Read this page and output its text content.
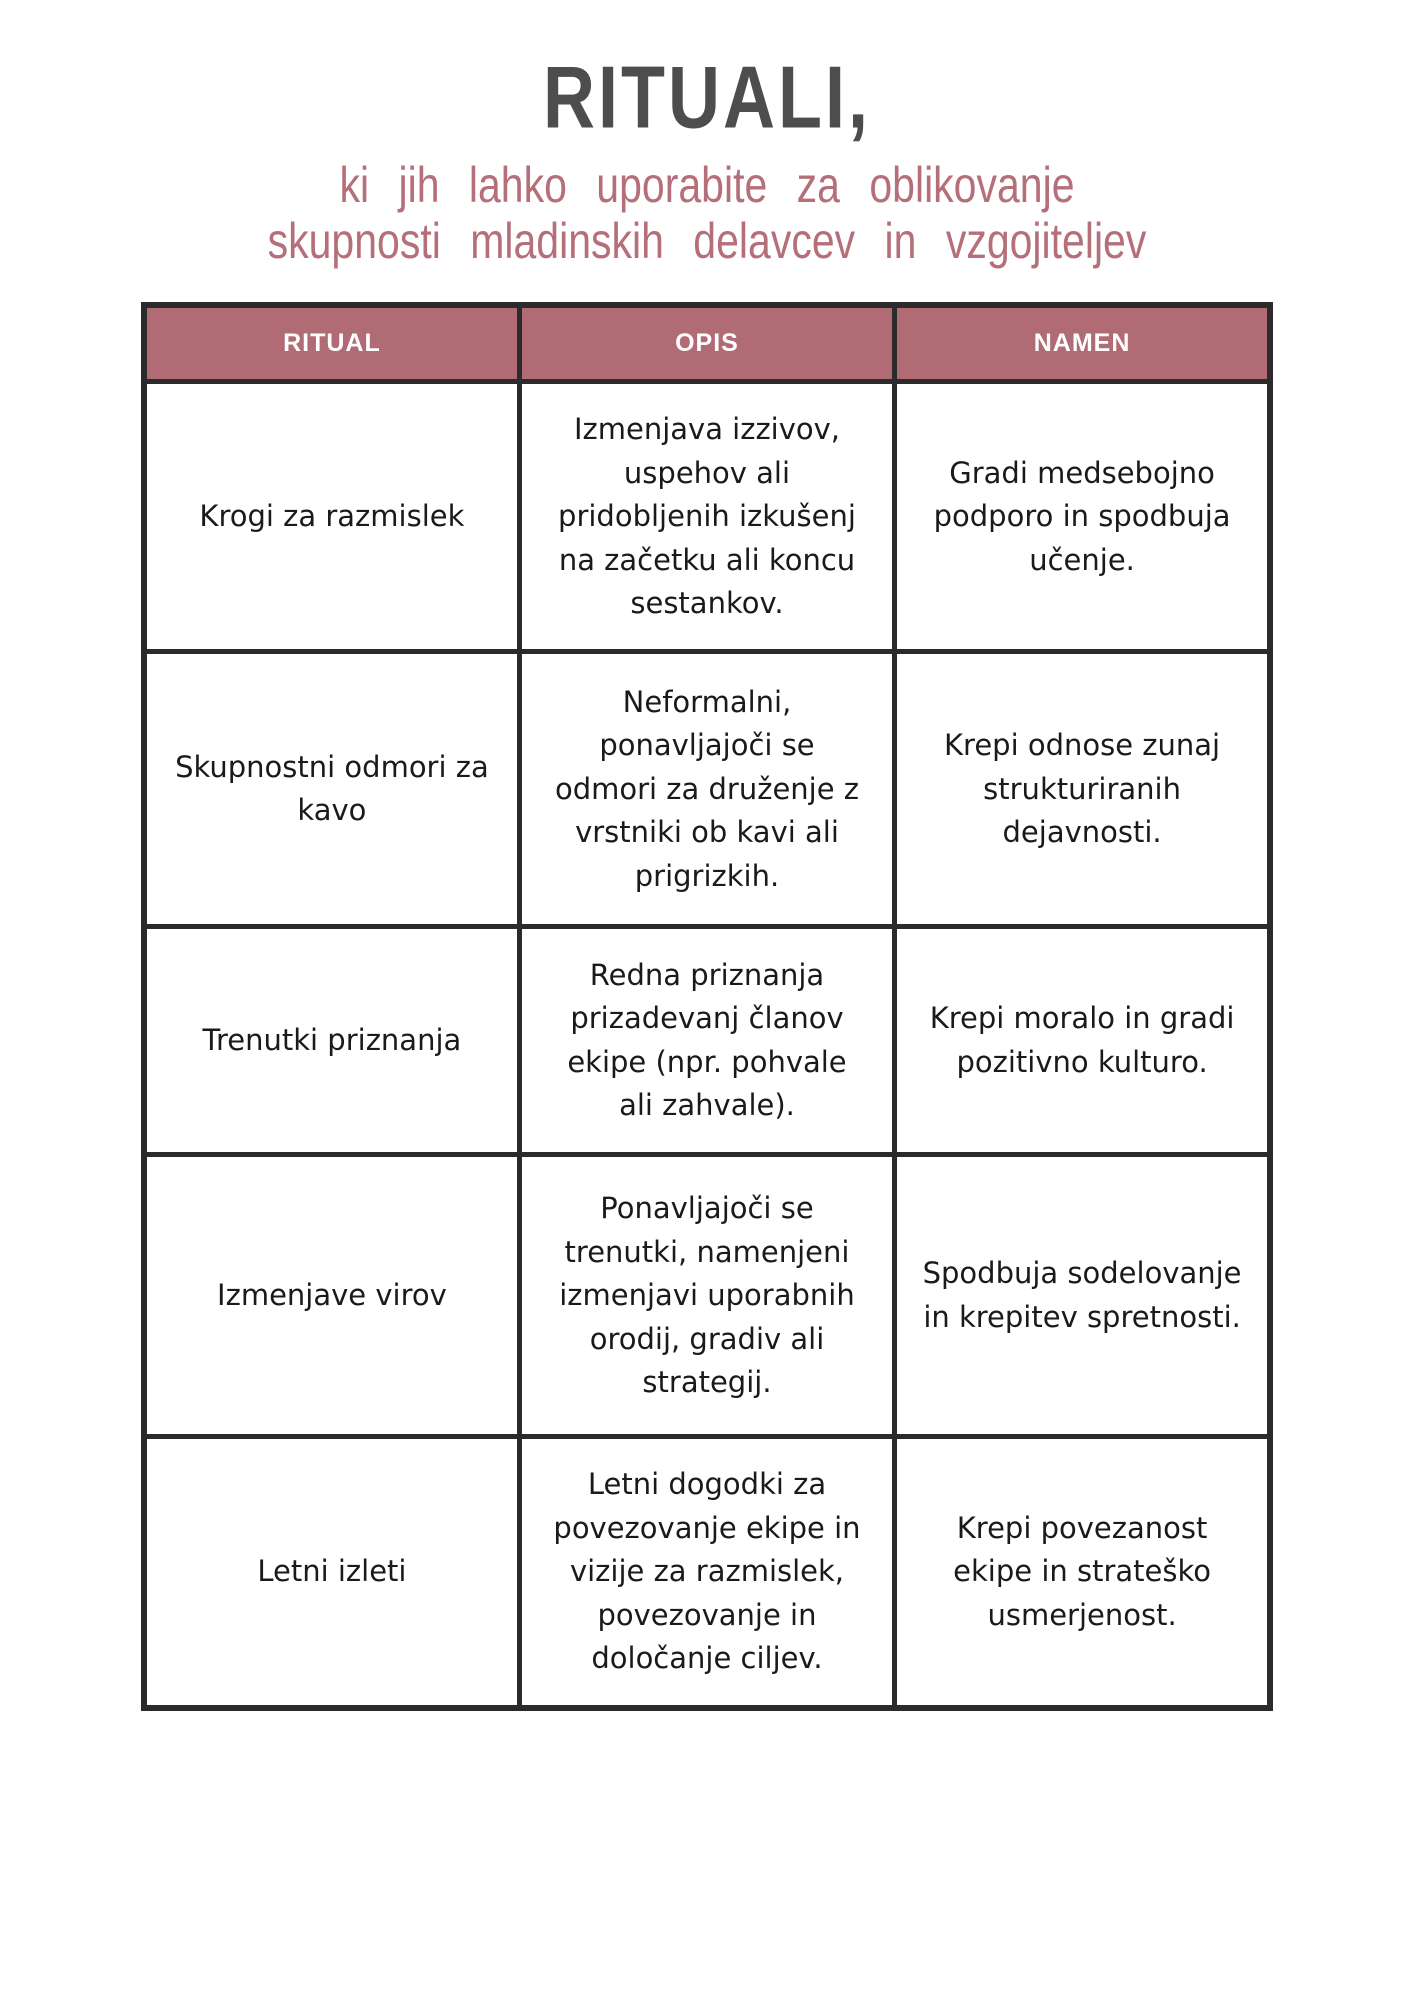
RITUALI,
ki jih lahko uporabite za oblikovanje
skupnosti mladinskih delavcev in vzgojiteljev
RITUAL	OPIS	NAMEN
Krogi za razmislek	Izmenjava izzivov, uspehov ali pridobljenih izkušenj na začetku ali koncu sestankov.	Gradi medsebojno podporo in spodbuja učenje.
Skupnostni odmori za kavo	Neformalni, ponavljajoči se odmori za druženje z vrstniki ob kavi ali prigrizkih.	Krepi odnose zunaj strukturiranih dejavnosti.
Trenutki priznanja	Redna priznanja prizadevanj članov ekipe (npr. pohvale ali zahvale).	Krepi moralo in gradi pozitivno kulturo.
Izmenjave virov	Ponavljajoči se trenutki, namenjeni izmenjavi uporabnih orodij, gradiv ali strategij.	Spodbuja sodelovanje in krepitev spretnosti.
Letni izleti	Letni dogodki za povezovanje ekipe in vizije za razmislek, povezovanje in določanje ciljev.	Krepi povezanost ekipe in strateško usmerjenost.
